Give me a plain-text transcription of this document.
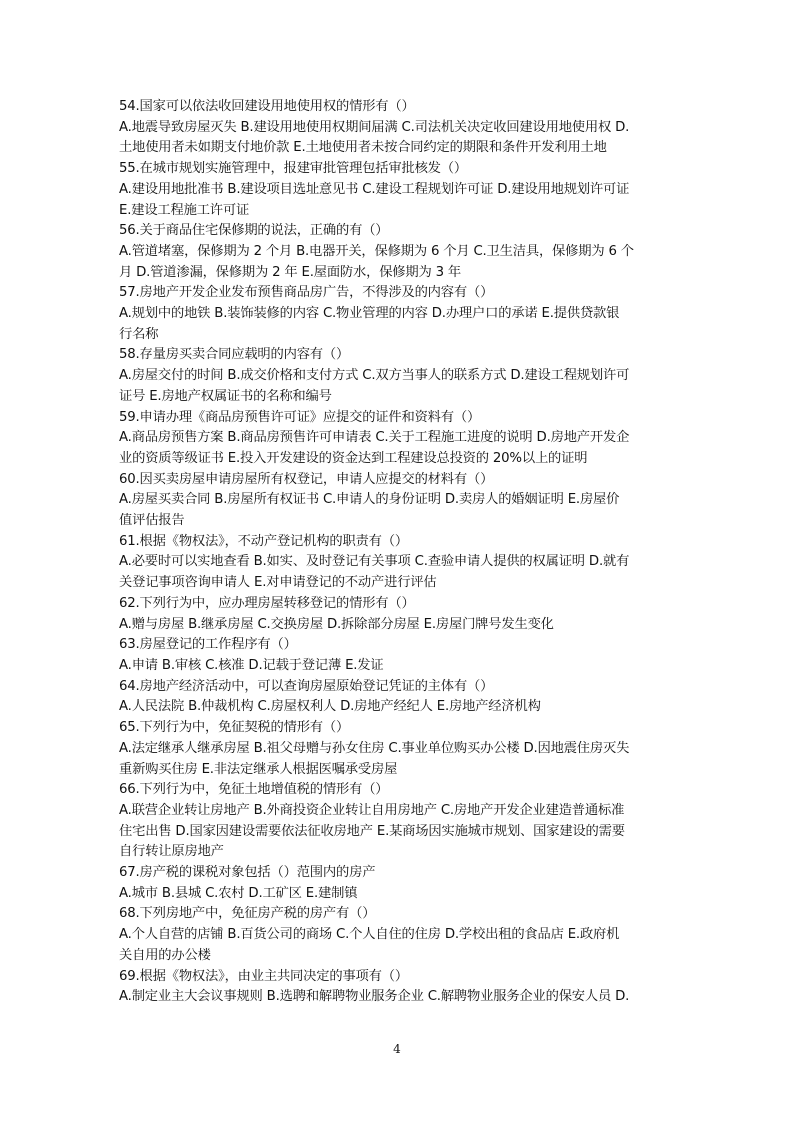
54.国家可以依法收回建设用地使用权的情形有（）
A.地震导致房屋灭失 B.建设用地使用权期间届满 C.司法机关决定收回建设用地使用权 D.
土地使用者未如期支付地价款 E.土地使用者未按合同约定的期限和条件开发利用土地
55.在城市规划实施管理中，报建审批管理包括审批核发（）
A.建设用地批准书 B.建设项目选址意见书 C.建设工程规划许可证 D.建设用地规划许可证
E.建设工程施工许可证
56.关于商品住宅保修期的说法，正确的有（）
A.管道堵塞，保修期为 2 个月 B.电器开关，保修期为 6 个月 C.卫生洁具，保修期为 6 个
月 D.管道渗漏，保修期为 2 年 E.屋面防水，保修期为 3 年
57.房地产开发企业发布预售商品房广告，不得涉及的内容有（）
A.规划中的地铁 B.装饰装修的内容 C.物业管理的内容 D.办理户口的承诺 E.提供贷款银
行名称
58.存量房买卖合同应载明的内容有（）
A.房屋交付的时间 B.成交价格和支付方式 C.双方当事人的联系方式 D.建设工程规划许可
证号 E.房地产权属证书的名称和编号
59.申请办理《商品房预售许可证》应提交的证件和资料有（）
A.商品房预售方案 B.商品房预售许可申请表 C.关于工程施工进度的说明 D.房地产开发企
业的资质等级证书 E.投入开发建设的资金达到工程建设总投资的 20%以上的证明
60.因买卖房屋申请房屋所有权登记，申请人应提交的材料有（）
A.房屋买卖合同 B.房屋所有权证书 C.申请人的身份证明 D.卖房人的婚姻证明 E.房屋价
值评估报告
61.根据《物权法》，不动产登记机构的职责有（）
A.必要时可以实地查看 B.如实、及时登记有关事项 C.查验申请人提供的权属证明 D.就有
关登记事项咨询申请人 E.对申请登记的不动产进行评估
62.下列行为中，应办理房屋转移登记的情形有（）
A.赠与房屋 B.继承房屋 C.交换房屋 D.拆除部分房屋 E.房屋门牌号发生变化
63.房屋登记的工作程序有（）
A.申请 B.审核 C.核准 D.记载于登记薄 E.发证
64.房地产经济活动中，可以查询房屋原始登记凭证的主体有（）
A.人民法院 B.仲裁机构 C.房屋权利人 D.房地产经纪人 E.房地产经济机构
65.下列行为中，免征契税的情形有（）
A.法定继承人继承房屋 B.祖父母赠与孙女住房 C.事业单位购买办公楼 D.因地震住房灭失
重新购买住房 E.非法定继承人根据医嘱承受房屋
66.下列行为中，免征土地增值税的情形有（）
A.联营企业转让房地产 B.外商投资企业转让自用房地产 C.房地产开发企业建造普通标准
住宅出售 D.国家因建设需要依法征收房地产 E.某商场因实施城市规划、国家建设的需要
自行转让原房地产
67.房产税的课税对象包括（）范围内的房产
A.城市 B.县城 C.农村 D.工矿区 E.建制镇
68.下列房地产中，免征房产税的房产有（）
A.个人自营的店铺 B.百货公司的商场 C.个人自住的住房 D.学校出租的食品店 E.政府机
关自用的办公楼
69.根据《物权法》，由业主共同决定的事项有（）
A.制定业主大会议事规则 B.选聘和解聘物业服务企业 C.解聘物业服务企业的保安人员 D.
4
